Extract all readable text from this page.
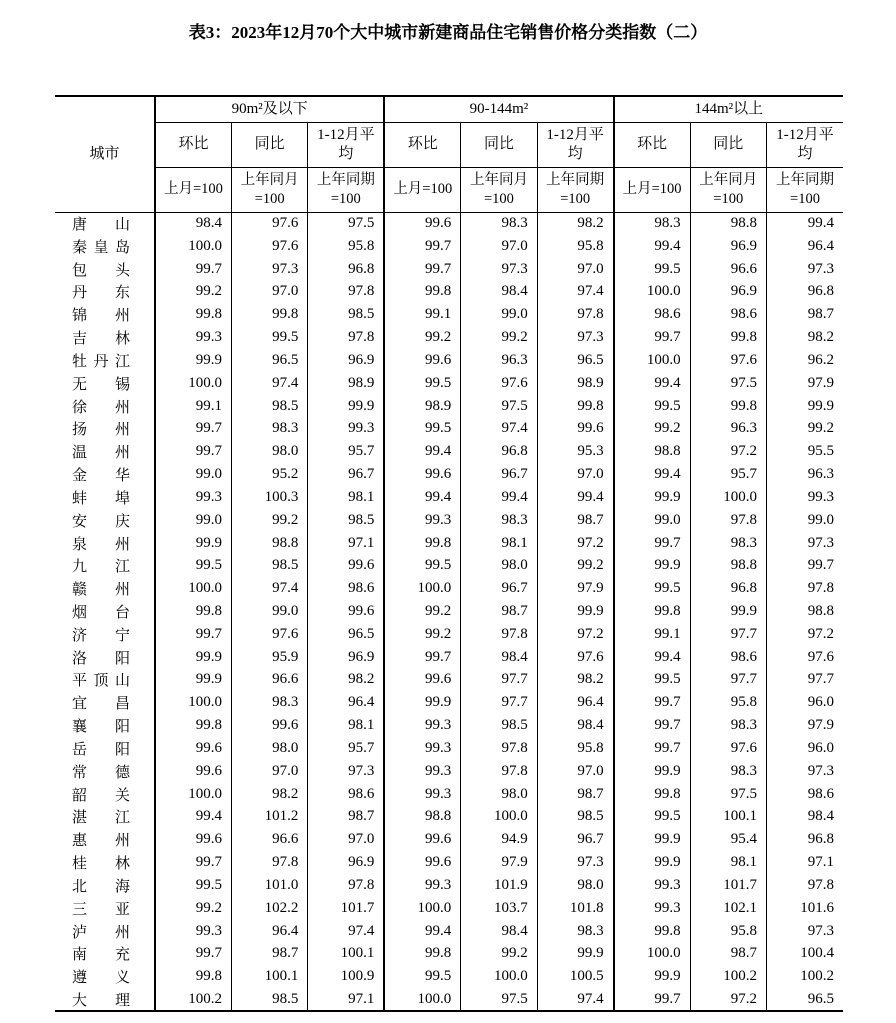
表3：2023年12月70个大中城市新建商品住宅销售价格分类指数（二）
城市	90m²及以下			90-144m²			144m²以上		
	环比	同比	1-12月平均	环比	同比	1-12月平均	环比	同比	1-12月平均
	上月=100	上年同月=100	上年同期=100	上月=100	上年同月=100	上年同期=100	上月=100	上年同月=100	上年同期=100

唐山	98.4	97.6	97.5	99.6	98.3	98.2	98.3	98.8	99.4

秦皇岛	100.0	97.6	95.8	99.7	97.0	95.8	99.4	96.9	96.4

包头	99.7	97.3	96.8	99.7	97.3	97.0	99.5	96.6	97.3

丹东	99.2	97.0	97.8	99.8	98.4	97.4	100.0	96.9	96.8

锦州	99.8	99.8	98.5	99.1	99.0	97.8	98.6	98.6	98.7

吉林	99.3	99.5	97.8	99.2	99.2	97.3	99.7	99.8	98.2

牡丹江	99.9	96.5	96.9	99.6	96.3	96.5	100.0	97.6	96.2

无锡	100.0	97.4	98.9	99.5	97.6	98.9	99.4	97.5	97.9

徐州	99.1	98.5	99.9	98.9	97.5	99.8	99.5	99.8	99.9

扬州	99.7	98.3	99.3	99.5	97.4	99.6	99.2	96.3	99.2

温州	99.7	98.0	95.7	99.4	96.8	95.3	98.8	97.2	95.5

金华	99.0	95.2	96.7	99.6	96.7	97.0	99.4	95.7	96.3

蚌埠	99.3	100.3	98.1	99.4	99.4	99.4	99.9	100.0	99.3

安庆	99.0	99.2	98.5	99.3	98.3	98.7	99.0	97.8	99.0

泉州	99.9	98.8	97.1	99.8	98.1	97.2	99.7	98.3	97.3

九江	99.5	98.5	99.6	99.5	98.0	99.2	99.9	98.8	99.7

赣州	100.0	97.4	98.6	100.0	96.7	97.9	99.5	96.8	97.8

烟台	99.8	99.0	99.6	99.2	98.7	99.9	99.8	99.9	98.8

济宁	99.7	97.6	96.5	99.2	97.8	97.2	99.1	97.7	97.2

洛阳	99.9	95.9	96.9	99.7	98.4	97.6	99.4	98.6	97.6

平顶山	99.9	96.6	98.2	99.6	97.7	98.2	99.5	97.7	97.7

宜昌	100.0	98.3	96.4	99.9	97.7	96.4	99.7	95.8	96.0

襄阳	99.8	99.6	98.1	99.3	98.5	98.4	99.7	98.3	97.9

岳阳	99.6	98.0	95.7	99.3	97.8	95.8	99.7	97.6	96.0

常德	99.6	97.0	97.3	99.3	97.8	97.0	99.9	98.3	97.3

韶关	100.0	98.2	98.6	99.3	98.0	98.7	99.8	97.5	98.6

湛江	99.4	101.2	98.7	98.8	100.0	98.5	99.5	100.1	98.4

惠州	99.6	96.6	97.0	99.6	94.9	96.7	99.9	95.4	96.8

桂林	99.7	97.8	96.9	99.6	97.9	97.3	99.9	98.1	97.1

北海	99.5	101.0	97.8	99.3	101.9	98.0	99.3	101.7	97.8

三亚	99.2	102.2	101.7	100.0	103.7	101.8	99.3	102.1	101.6

泸州	99.3	96.4	97.4	99.4	98.4	98.3	99.8	95.8	97.3

南充	99.7	98.7	100.1	99.8	99.2	99.9	100.0	98.7	100.4

遵义	99.8	100.1	100.9	99.5	100.0	100.5	99.9	100.2	100.2

大理	100.2	98.5	97.1	100.0	97.5	97.4	99.7	97.2	96.5
